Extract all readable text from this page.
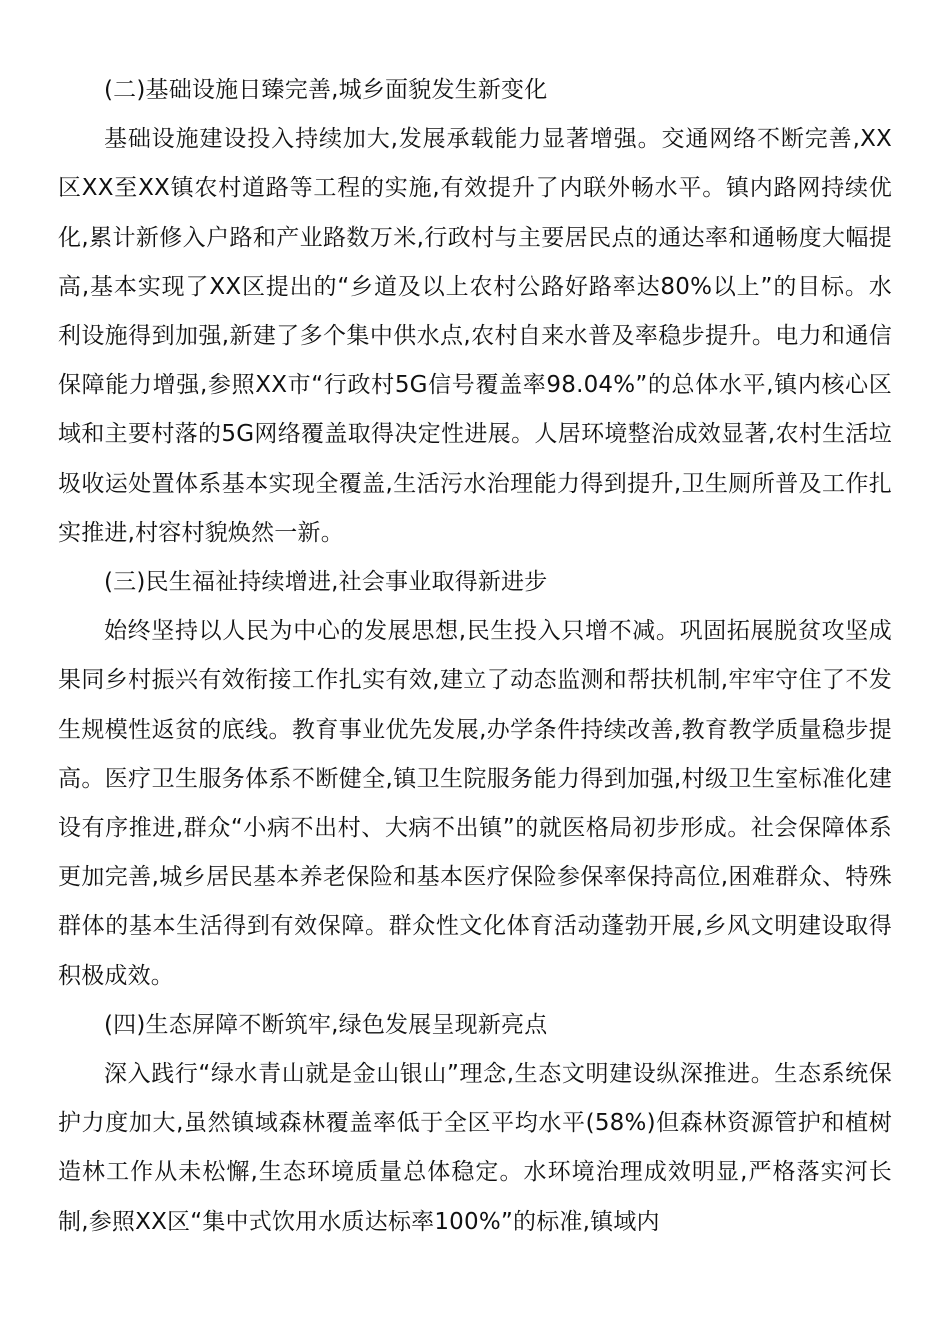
(二)基础设施日臻完善,城乡面貌发生新变化

基础设施建设投入持续加大,发展承载能力显著增强。交通网络不断完善,XX区XX至XX镇农村道路等工程的实施,有效提升了内联外畅水平。镇内路网持续优化,累计新修入户路和产业路数万米,行政村与主要居民点的通达率和通畅度大幅提高,基本实现了XX区提出的“乡道及以上农村公路好路率达80%以上”的目标。水利设施得到加强,新建了多个集中供水点,农村自来水普及率稳步提升。电力和通信保障能力增强,参照XX市“行政村5G信号覆盖率98.04%”的总体水平,镇内核心区域和主要村落的5G网络覆盖取得决定性进展。人居环境整治成效显著,农村生活垃圾收运处置体系基本实现全覆盖,生活污水治理能力得到提升,卫生厕所普及工作扎实推进,村容村貌焕然一新。

(三)民生福祉持续增进,社会事业取得新进步

始终坚持以人民为中心的发展思想,民生投入只增不减。巩固拓展脱贫攻坚成果同乡村振兴有效衔接工作扎实有效,建立了动态监测和帮扶机制,牢牢守住了不发生规模性返贫的底线。教育事业优先发展,办学条件持续改善,教育教学质量稳步提高。医疗卫生服务体系不断健全,镇卫生院服务能力得到加强,村级卫生室标准化建设有序推进,群众“小病不出村、大病不出镇”的就医格局初步形成。社会保障体系更加完善,城乡居民基本养老保险和基本医疗保险参保率保持高位,困难群众、特殊群体的基本生活得到有效保障。群众性文化体育活动蓬勃开展,乡风文明建设取得积极成效。

(四)生态屏障不断筑牢,绿色发展呈现新亮点

深入践行“绿水青山就是金山银山”理念,生态文明建设纵深推进。生态系统保护力度加大,虽然镇域森林覆盖率低于全区平均水平(58%)但森林资源管护和植树造林工作从未松懈,生态环境质量总体稳定。水环境治理成效明显,严格落实河长制,参照XX区“集中式饮用水质达标率100%”的标准,镇域内
